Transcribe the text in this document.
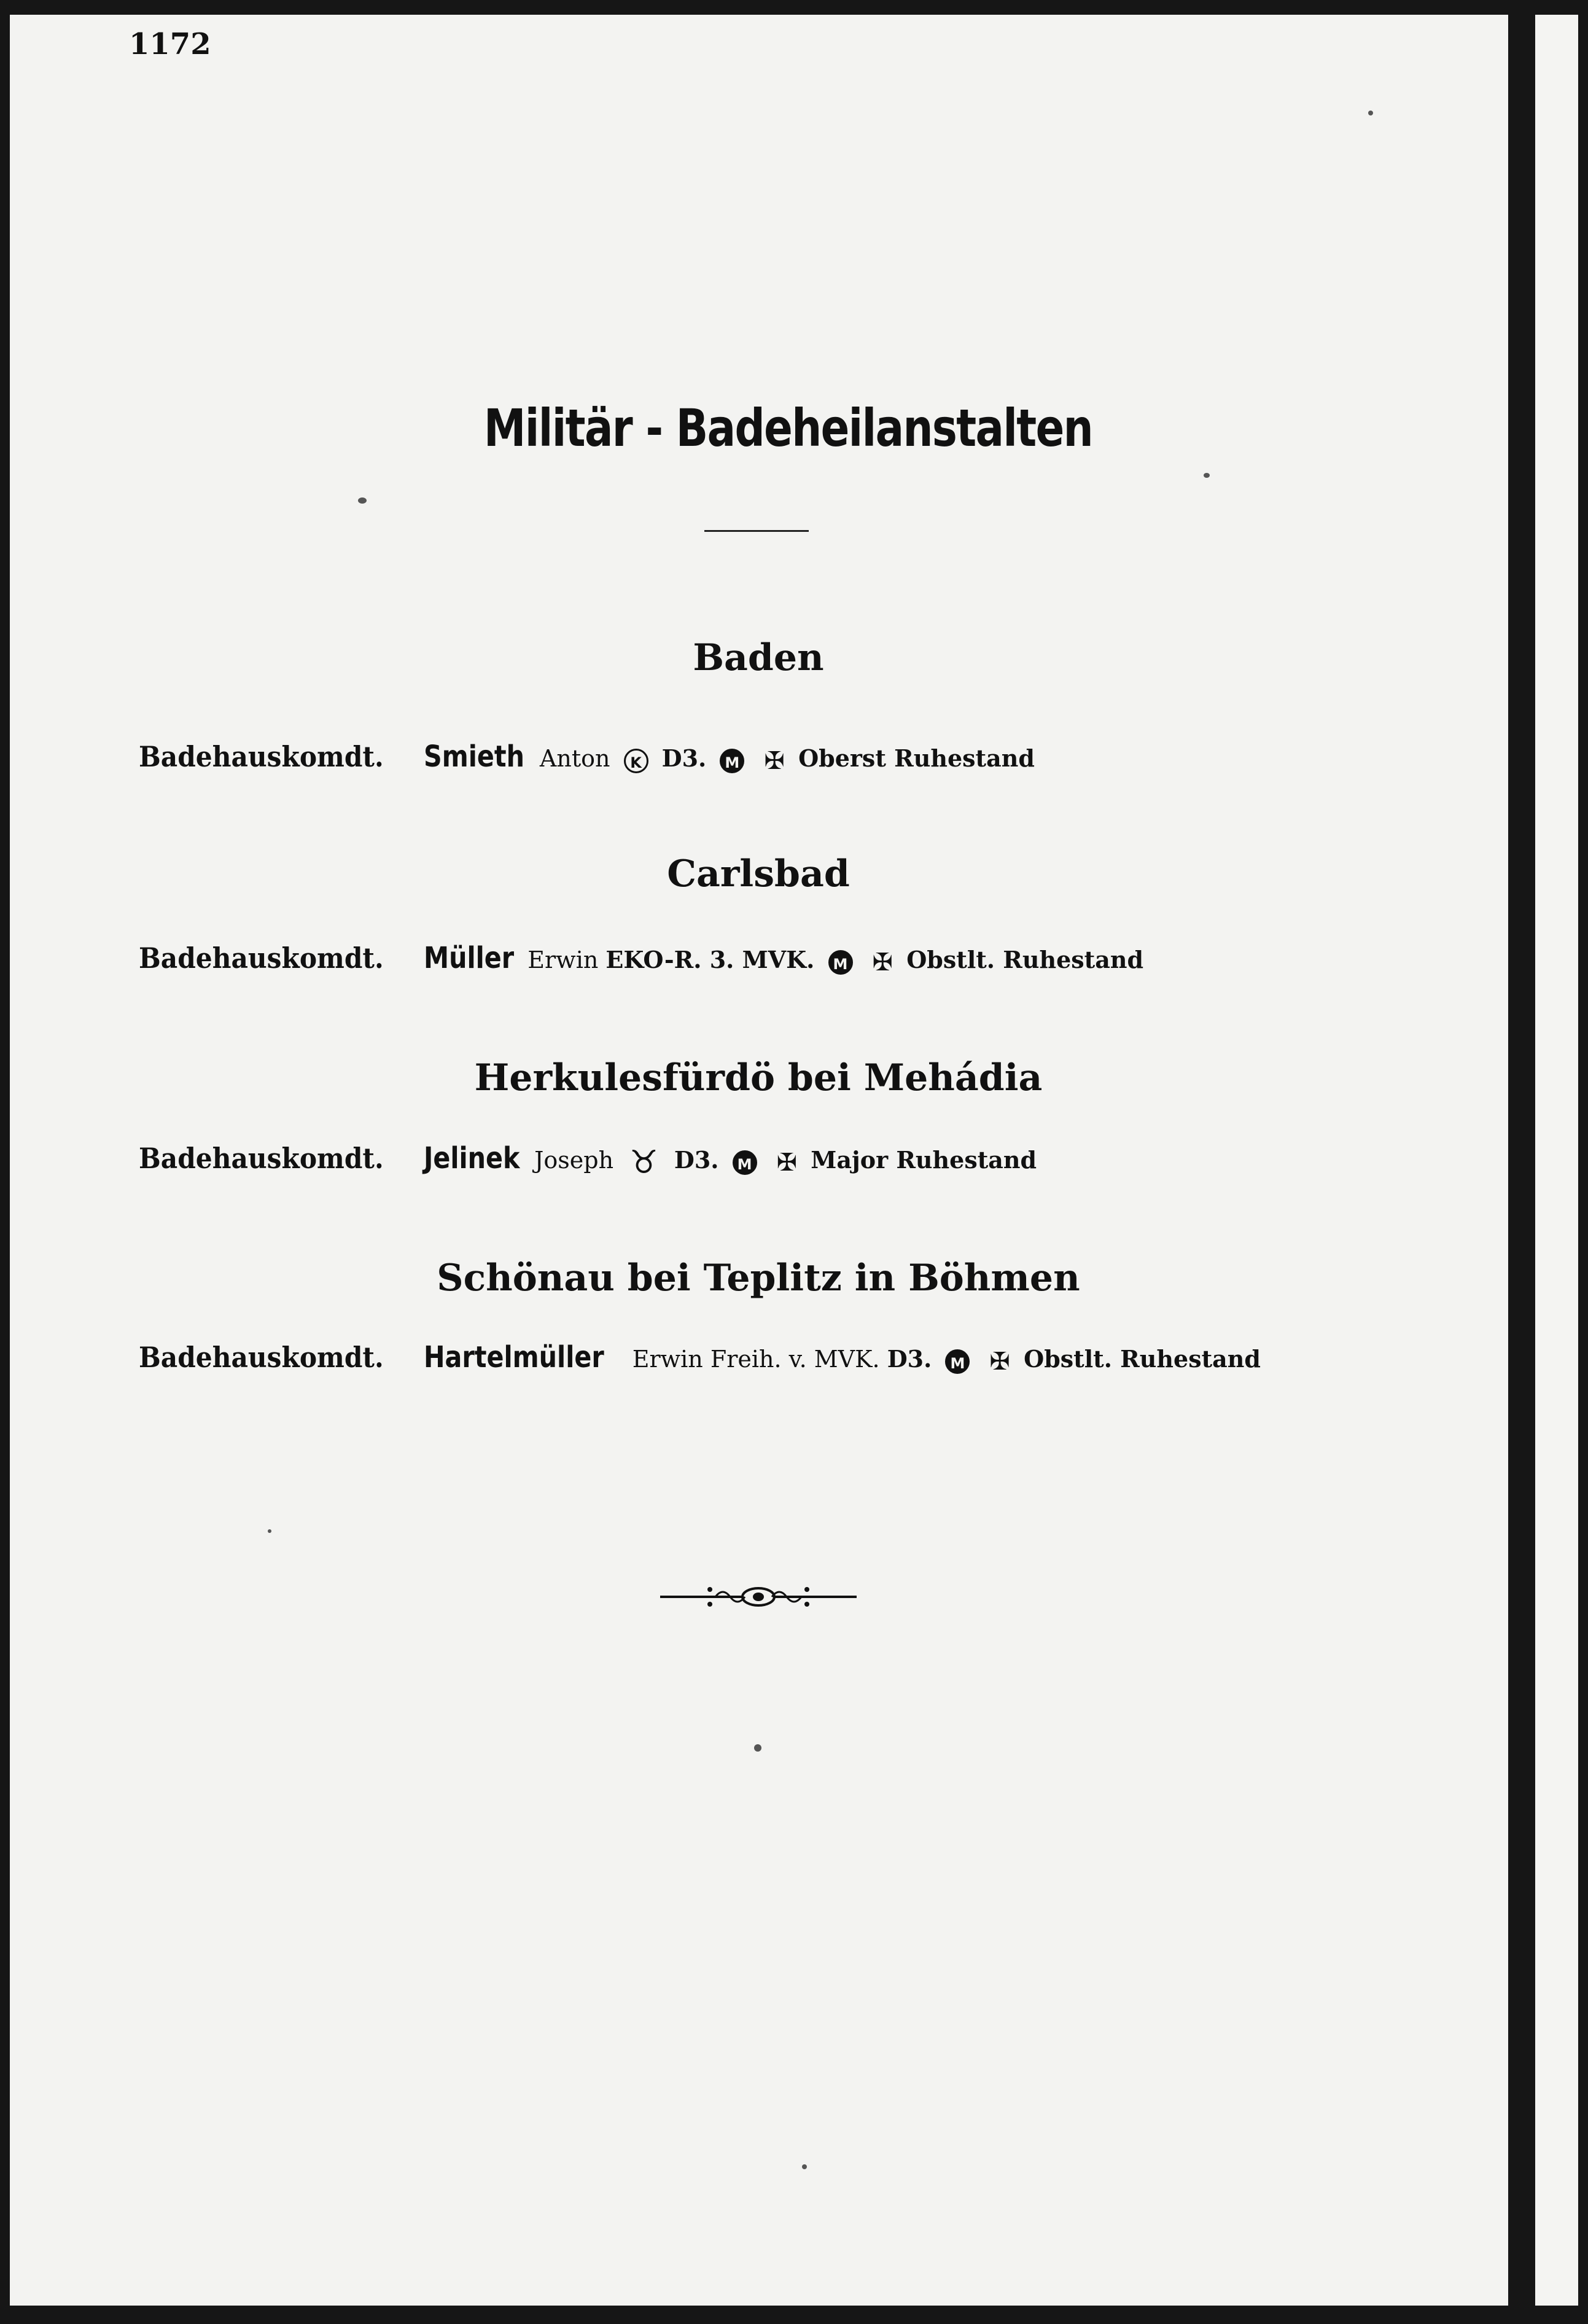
1172
Militär - Badeheilanstalten
Baden
Badehauskomdt. Smieth Anton K D3. M ✠ Oberst Ruhestand
Carlsbad
Badehauskomdt. Müller Erwin EKO-R. 3. MVK. M ✠ Obstlt. Ruhestand
Herkulesfürdö bei Mehádia
Badehauskomdt. Jelinek Joseph ♉ D3. M ✠ Major Ruhestand
Schönau bei Teplitz in Böhmen
Badehauskomdt. Hartelmüller Erwin Freih. v. MVK. D3. M ✠ Obstlt. Ruhestand
